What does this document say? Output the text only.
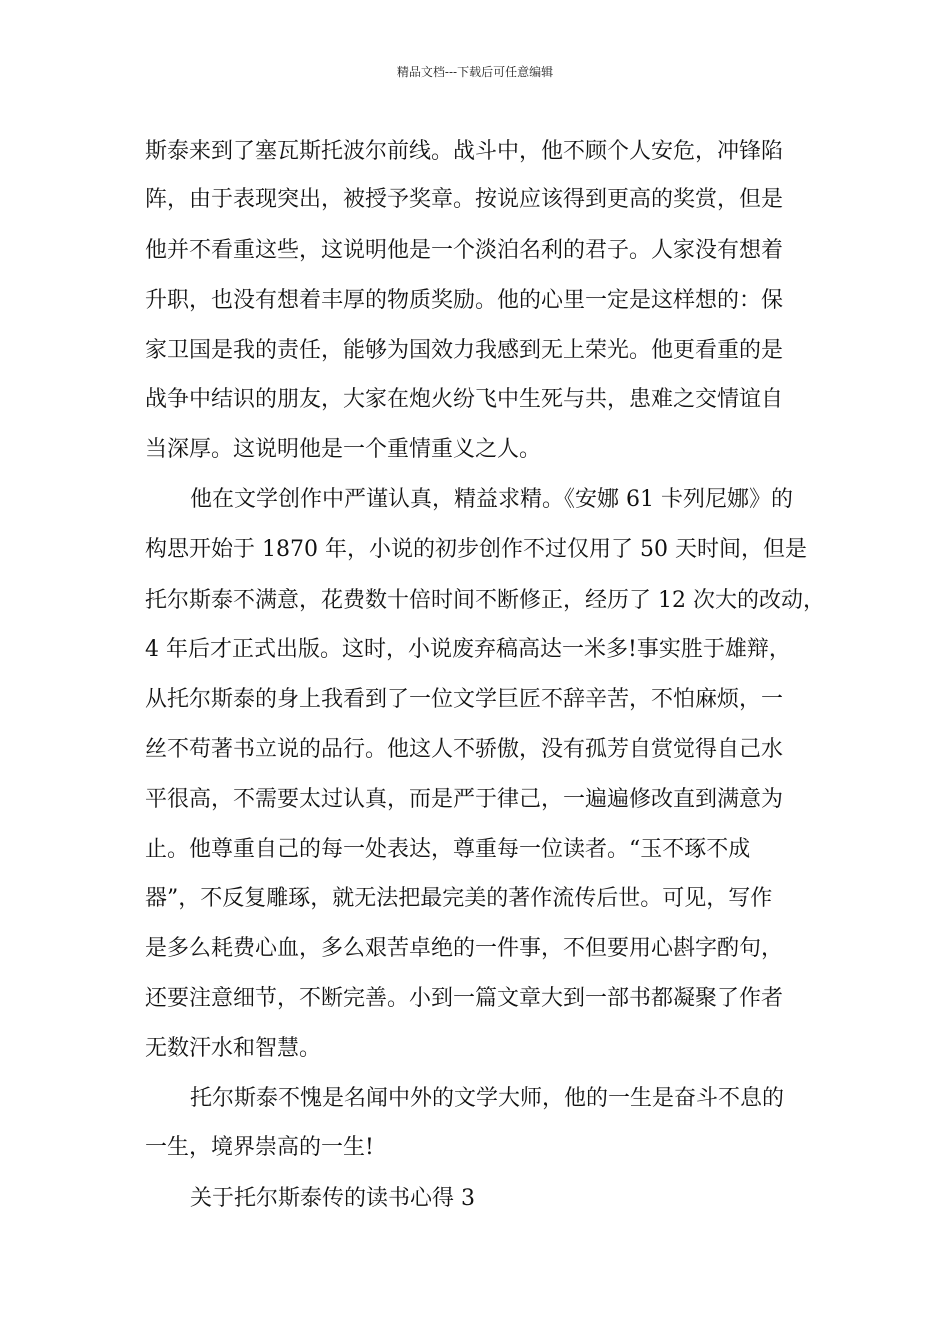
精品文档---下载后可任意编辑
斯泰来到了塞瓦斯托波尔前线。战斗中，他不顾个人安危，冲锋陷
阵，由于表现突出，被授予奖章。按说应该得到更高的奖赏，但是
他并不看重这些，这说明他是一个淡泊名利的君子。人家没有想着
升职，也没有想着丰厚的物质奖励。他的心里一定是这样想的：保
家卫国是我的责任，能够为国效力我感到无上荣光。他更看重的是
战争中结识的朋友，大家在炮火纷飞中生死与共，患难之交情谊自
当深厚。这说明他是一个重情重义之人。
他在文学创作中严谨认真，精益求精。《安娜 61 卡列尼娜》的
构思开始于 1870 年，小说的初步创作不过仅用了 50 天时间，但是
托尔斯泰不满意，花费数十倍时间不断修正，经历了 12 次大的改动，
4 年后才正式出版。这时，小说废弃稿高达一米多!事实胜于雄辩，
从托尔斯泰的身上我看到了一位文学巨匠不辞辛苦，不怕麻烦，一
丝不苟著书立说的品行。他这人不骄傲，没有孤芳自赏觉得自己水
平很高，不需要太过认真，而是严于律己，一遍遍修改直到满意为
止。他尊重自己的每一处表达，尊重每一位读者。“玉不琢不成
器”，不反复雕琢，就无法把最完美的著作流传后世。可见，写作
是多么耗费心血，多么艰苦卓绝的一件事，不但要用心斟字酌句，
还要注意细节，不断完善。小到一篇文章大到一部书都凝聚了作者
无数汗水和智慧。
托尔斯泰不愧是名闻中外的文学大师，他的一生是奋斗不息的
一生，境界崇高的一生!
关于托尔斯泰传的读书心得 3
